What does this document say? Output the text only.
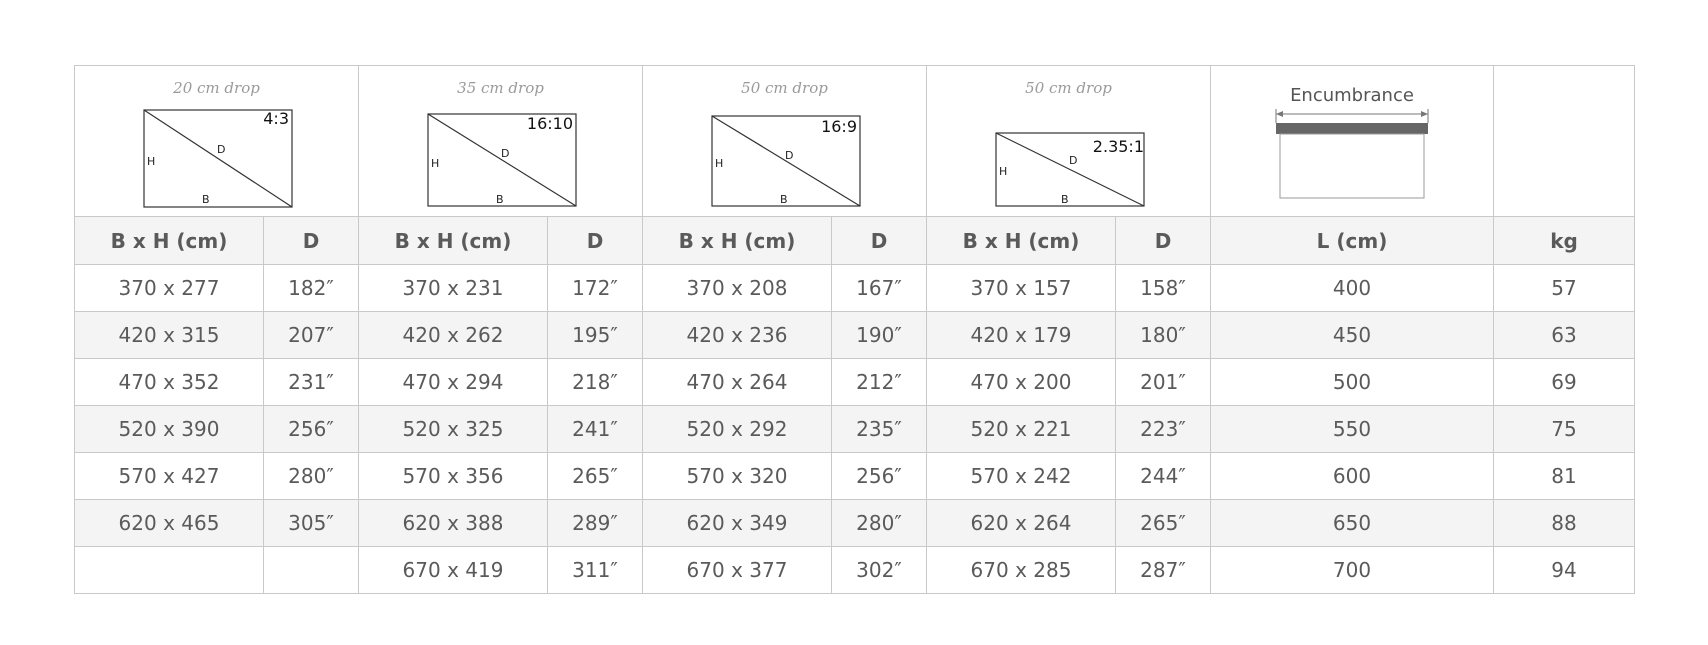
20 cm drop
4:3
H
D
B		35 cm drop
16:10
H
D
B		50 cm drop
16:9
H
D
B		50 cm drop
2.35:1
H
D
B		Encumbrance	

B x H (cm)	D	B x H (cm)	D	B x H (cm)	D	B x H (cm)	D	L (cm)	kg
370 x 277	182″	370 x 231	172″	370 x 208	167″	370 x 157	158″	400	57
420 x 315	207″	420 x 262	195″	420 x 236	190″	420 x 179	180″	450	63
470 x 352	231″	470 x 294	218″	470 x 264	212″	470 x 200	201″	500	69
520 x 390	256″	520 x 325	241″	520 x 292	235″	520 x 221	223″	550	75
570 x 427	280″	570 x 356	265″	570 x 320	256″	570 x 242	244″	600	81
620 x 465	305″	620 x 388	289″	620 x 349	280″	620 x 264	265″	650	88
		670 x 419	311″	670 x 377	302″	670 x 285	287″	700	94
